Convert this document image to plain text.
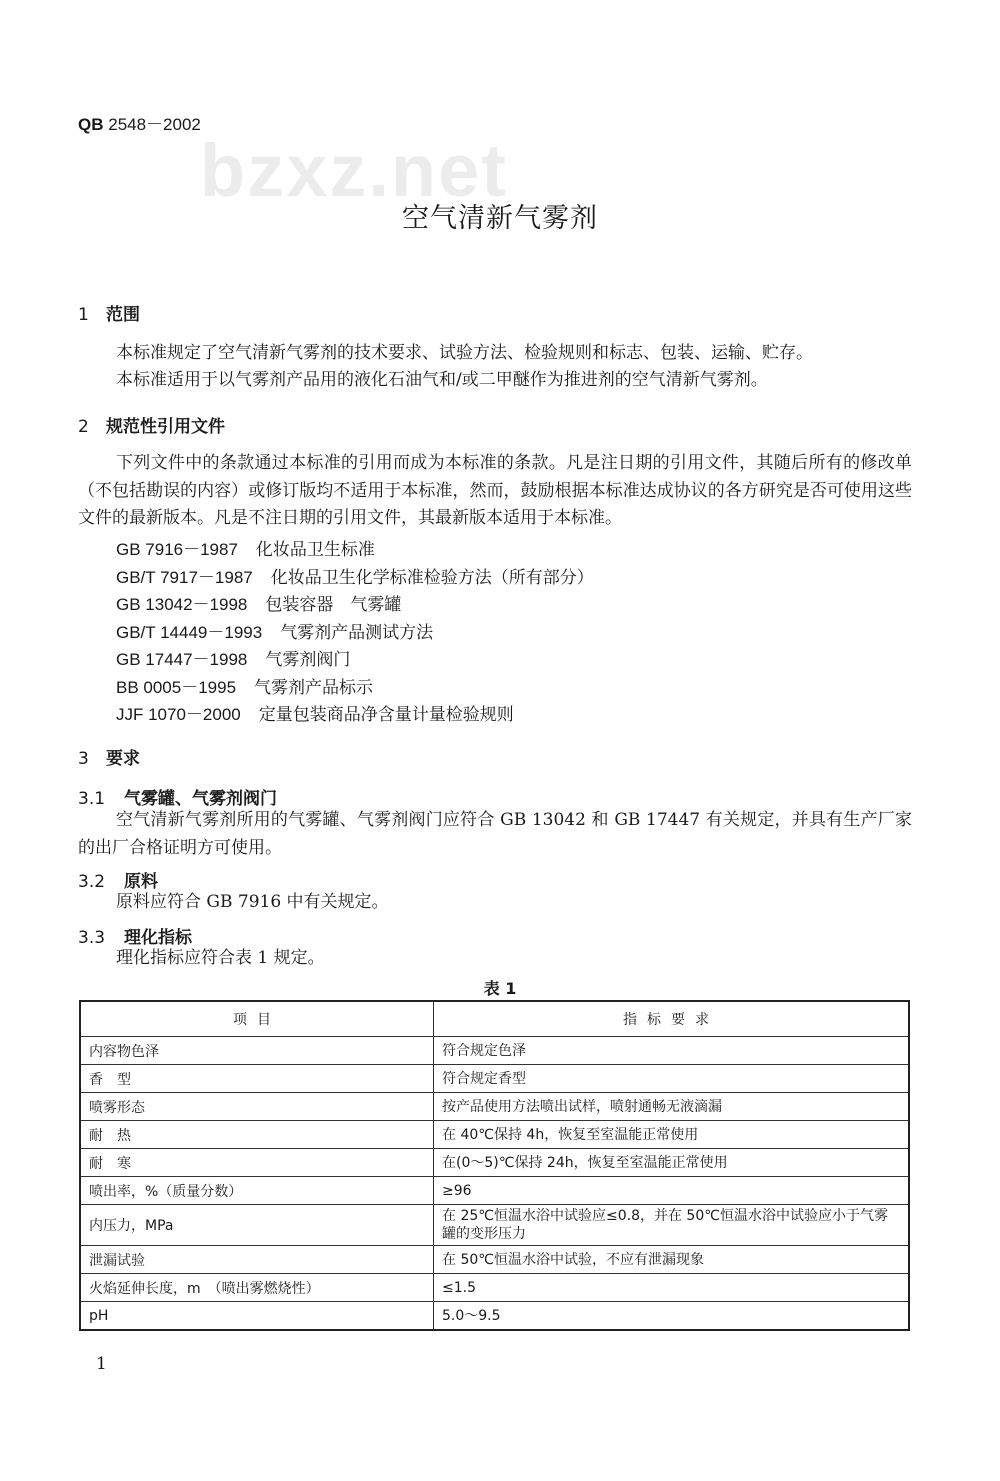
QB 2548－2002
bzxz.net
空气清新气雾剂
1 范围
本标准规定了空气清新气雾剂的技术要求、试验方法、检验规则和标志、包装、运输、贮存。
本标准适用于以气雾剂产品用的液化石油气和/或二甲醚作为推进剂的空气清新气雾剂。
2 规范性引用文件
下列文件中的条款通过本标准的引用而成为本标准的条款。凡是注日期的引用文件，其随后所有的修改单（不包括勘误的内容）或修订版均不适用于本标准，然而，鼓励根据本标准达成协议的各方研究是否可使用这些文件的最新版本。凡是不注日期的引用文件，其最新版本适用于本标准。
GB 7916－1987 化妆品卫生标准
GB/T 7917－1987 化妆品卫生化学标准检验方法（所有部分）
GB 13042－1998 包装容器　气雾罐
GB/T 14449－1993 气雾剂产品测试方法
GB 17447－1998 气雾剂阀门
BB 0005－1995 气雾剂产品标示
JJF 1070－2000 定量包装商品净含量计量检验规则
3 要求
3.1 气雾罐、气雾剂阀门
空气清新气雾剂所用的气雾罐、气雾剂阀门应符合 GB 13042 和 GB 17447 有关规定，并具有生产厂家的出厂合格证明方可使用。
3.2 原料
原料应符合 GB 7916 中有关规定。
3.3 理化指标
理化指标应符合表 1 规定。
表 1
项目	指标要求
内容物色泽	符合规定色泽
香　型	符合规定香型
喷雾形态	按产品使用方法喷出试样，喷射通畅无液滴漏
耐　热	在 40℃保持 4h，恢复至室温能正常使用
耐　寒	在(0～5)℃保持 24h，恢复至室温能正常使用
喷出率，%（质量分数）	≥96
内压力，MPa	在 25℃恒温水浴中试验应≤0.8，并在 50℃恒温水浴中试验应小于气雾罐的变形压力
泄漏试验	在 50℃恒温水浴中试验，不应有泄漏现象
火焰延伸长度，m　（喷出雾燃烧性）	≤1.5
pH	5.0～9.5
1
